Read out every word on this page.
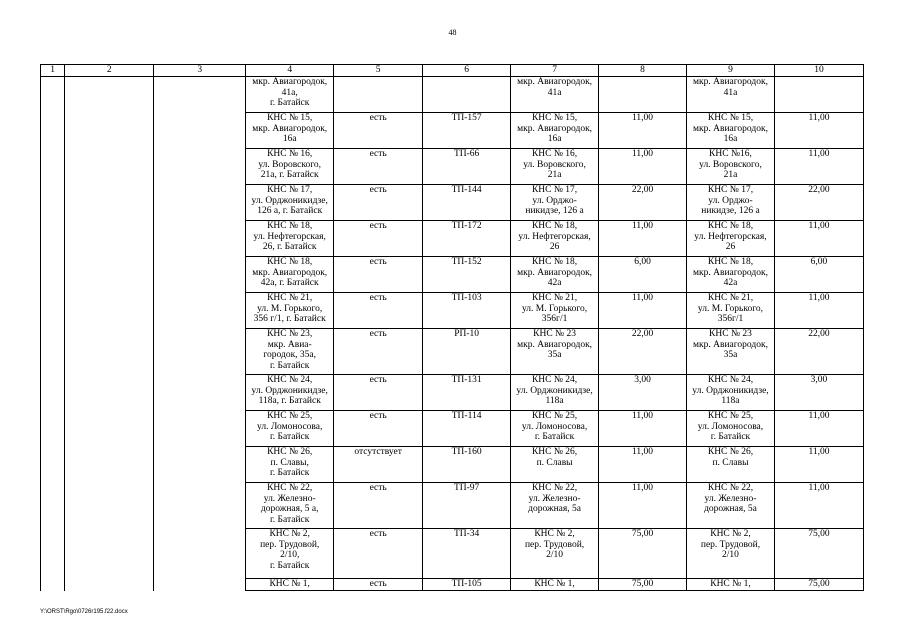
48
1	2	3	4	5	6	7	8	9	10
			мкр. Авиагородок,
41а,
г. Батайск			мкр. Авиагородок,
41а		мкр. Авиагородок,
41а	
			КНС № 15,
мкр. Авиагородок,
16а	есть	ТП-157	КНС № 15,
мкр. Авиагородок,
16а	11,00	КНС № 15,
мкр. Авиагородок,
16а	11,00
			КНС № 16,
ул. Воровского,
21а, г. Батайск	есть	ТП-66	КНС № 16,
ул. Воровского,
21а	11,00	КНС №16,
ул. Воровского,
21а	11,00
			КНС № 17,
ул. Орджоникидзе,
126 а, г. Батайск	есть	ТП-144	КНС № 17,
ул. Орджо-
никидзе, 126 а	22,00	КНС № 17,
ул. Орджо-
никидзе, 126 а	22,00
			КНС № 18,
ул. Нефтегорская,
26, г. Батайск	есть	ТП-172	КНС № 18,
ул. Нефтегорская,
26	11,00	КНС № 18,
ул. Нефтегорская,
26	11,00
			КНС № 18,
мкр. Авиагородок,
42а, г. Батайск	есть	ТП-152	КНС № 18,
мкр. Авиагородок,
42а	6,00	КНС № 18,
мкр. Авиагородок,
42а	6,00
			КНС № 21,
ул. М. Горького,
356 г/1, г. Батайск	есть	ТП-103	КНС № 21,
ул. М. Горького,
356г/1	11,00	КНС № 21,
ул. М. Горького,
356г/1	11,00
			КНС № 23,
мкр. Авиа-
городок, 35а,
г. Батайск	есть	РП-10	КНС № 23
мкр. Авиагородок,
35а	22,00	КНС № 23
мкр. Авиагородок,
35а	22,00
			КНС № 24,
ул. Орджоникидзе,
118а, г. Батайск	есть	ТП-131	КНС № 24,
ул. Орджоникидзе,
118а	3,00	КНС № 24,
ул. Орджоникидзе,
118а	3,00
			КНС № 25,
ул. Ломоносова,
г. Батайск	есть	ТП-114	КНС № 25,
ул. Ломоносова,
г. Батайск	11,00	КНС № 25,
ул. Ломоносова,
г. Батайск	11,00
			КНС № 26,
п. Славы,
г. Батайск	отсутствует	ТП-160	КНС № 26,
п. Славы	11,00	КНС № 26,
п. Славы	11,00
			КНС № 22,
ул. Железно-
дорожная, 5 а,
г. Батайск	есть	ТП-97	КНС № 22,
ул. Железно-
дорожная, 5а	11,00	КНС № 22,
ул. Железно-
дорожная, 5а	11,00
			КНС № 2,
пер. Трудовой,
2/10,
г. Батайск	есть	ТП-34	КНС № 2,
пер. Трудовой,
2/10	75,00	КНС № 2,
пер. Трудовой,
2/10	75,00
			КНС № 1,	есть	ТП-105	КНС № 1,	75,00	КНС № 1,	75,00
Y:\ORST\Rgo\0726r195.f22.docx
